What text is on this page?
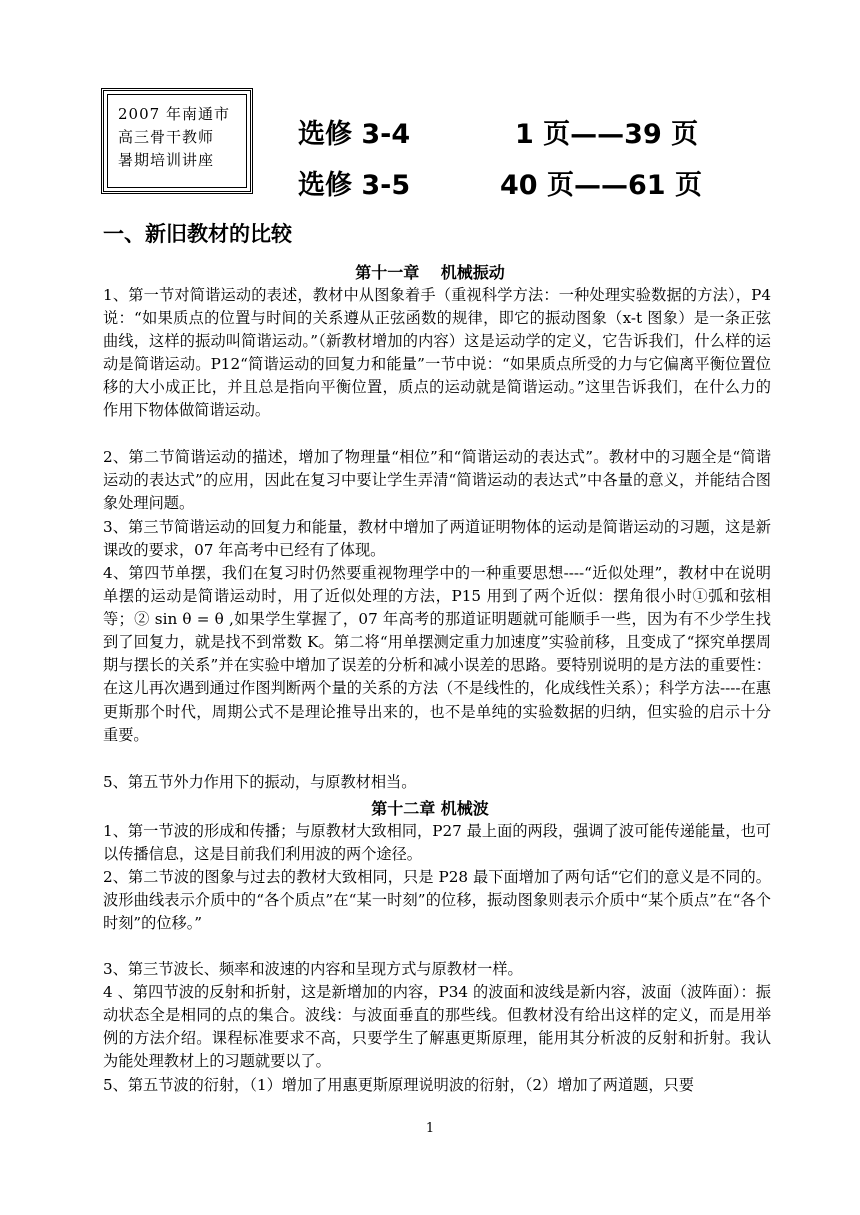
2007 年南通市
高三骨干教师
暑期培训讲座
选修 3-4	1 页——39 页
选修 3-5	40 页——61 页
一、新旧教材的比较
第十一章　 机械振动
1、第一节对简谐运动的表述，教材中从图象着手（重视科学方法：一种处理实验数据的方法），P4 说：“如果质点的位置与时间的关系遵从正弦函数的规律，即它的振动图象（x-t 图象）是一条正弦曲线，这样的振动叫简谐运动。”（新教材增加的内容）这是运动学的定义，它告诉我们，什么样的运动是简谐运动。P12“简谐运动的回复力和能量”一节中说：“如果质点所受的力与它偏离平衡位置位移的大小成正比，并且总是指向平衡位置，质点的运动就是简谐运动。”这里告诉我们，在什么力的作用下物体做简谐运动。
2、第二节简谐运动的描述，增加了物理量“相位”和“简谐运动的表达式”。教材中的习题全是“简谐运动的表达式”的应用，因此在复习中要让学生弄清“简谐运动的表达式”中各量的意义，并能结合图象处理问题。
3、第三节简谐运动的回复力和能量，教材中增加了两道证明物体的运动是简谐运动的习题，这是新课改的要求，07 年高考中已经有了体现。
4、第四节单摆，我们在复习时仍然要重视物理学中的一种重要思想----“近似处理”，教材中在说明单摆的运动是简谐运动时，用了近似处理的方法，P15 用到了两个近似：摆角很小时①弧和弦相等；② sin θ = θ ,如果学生掌握了，07 年高考的那道证明题就可能顺手一些，因为有不少学生找到了回复力，就是找不到常数 K。第二将“用单摆测定重力加速度”实验前移，且变成了“探究单摆周期与摆长的关系”并在实验中增加了误差的分析和减小误差的思路。要特别说明的是方法的重要性：在这儿再次遇到通过作图判断两个量的关系的方法（不是线性的，化成线性关系）；科学方法----在惠更斯那个时代，周期公式不是理论推导出来的，也不是单纯的实验数据的归纳，但实验的启示十分重要。
5、第五节外力作用下的振动，与原教材相当。
第十二章 机械波
1、第一节波的形成和传播；与原教材大致相同，P27 最上面的两段，强调了波可能传递能量，也可以传播信息，这是目前我们利用波的两个途径。
2、第二节波的图象与过去的教材大致相同，只是 P28 最下面增加了两句话“它们的意义是不同的。波形曲线表示介质中的“各个质点”在“某一时刻”的位移，振动图象则表示介质中“某个质点”在“各个时刻”的位移。”
3、第三节波长、频率和波速的内容和呈现方式与原教材一样。
4 、第四节波的反射和折射，这是新增加的内容，P34 的波面和波线是新内容，波面（波阵面）：振动状态全是相同的点的集合。波线：与波面垂直的那些线。但教材没有给出这样的定义，而是用举例的方法介绍。课程标准要求不高，只要学生了解惠更斯原理，能用其分析波的反射和折射。我认为能处理教材上的习题就要以了。
5、第五节波的衍射，（1）增加了用惠更斯原理说明波的衍射，（2）增加了两道题，只要
1
